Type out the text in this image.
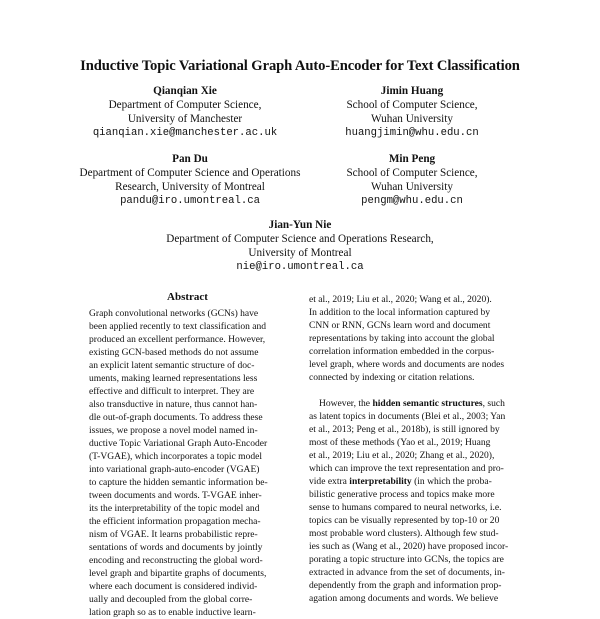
Inductive Topic Variational Graph Auto-Encoder for Text Classification
Qianqian Xie
Department of Computer Science,
University of Manchester
qianqian.xie@manchester.ac.uk
Jimin Huang
School of Computer Science,
Wuhan University
huangjimin@whu.edu.cn
Pan Du
Department of Computer Science and Operations
Research, University of Montreal
pandu@iro.umontreal.ca
Min Peng
School of Computer Science,
Wuhan University
pengm@whu.edu.cn
Jian-Yun Nie
Department of Computer Science and Operations Research,
University of Montreal
nie@iro.umontreal.ca
Abstract
Graph convolutional networks (GCNs) have
been applied recently to text classification and
produced an excellent performance. However,
existing GCN-based methods do not assume
an explicit latent semantic structure of doc-
uments, making learned representations less
effective and difficult to interpret. They are
also transductive in nature, thus cannot han-
dle out-of-graph documents. To address these
issues, we propose a novel model named in-
ductive Topic Variational Graph Auto-Encoder
(T-VGAE), which incorporates a topic model
into variational graph-auto-encoder (VGAE)
to capture the hidden semantic information be-
tween documents and words. T-VGAE inher-
its the interpretability of the topic model and
the efficient information propagation mecha-
nism of VGAE. It learns probabilistic repre-
sentations of words and documents by jointly
encoding and reconstructing the global word-
level graph and bipartite graphs of documents,
where each document is considered individ-
ually and decoupled from the global corre-
lation graph so as to enable inductive learn-
et al., 2019; Liu et al., 2020; Wang et al., 2020).
In addition to the local information captured by
CNN or RNN, GCNs learn word and document
representations by taking into account the global
correlation information embedded in the corpus-
level graph, where words and documents are nodes
connected by indexing or citation relations.
However, the hidden semantic structures, such
as latent topics in documents (Blei et al., 2003; Yan
et al., 2013; Peng et al., 2018b), is still ignored by
most of these methods (Yao et al., 2019; Huang
et al., 2019; Liu et al., 2020; Zhang et al., 2020),
which can improve the text representation and pro-
vide extra interpretability (in which the proba-
bilistic generative process and topics make more
sense to humans compared to neural networks, i.e.
topics can be visually represented by top-10 or 20
most probable word clusters). Although few stud-
ies such as (Wang et al., 2020) have proposed incor-
porating a topic structure into GCNs, the topics are
extracted in advance from the set of documents, in-
dependently from the graph and information prop-
agation among documents and words. We believe
